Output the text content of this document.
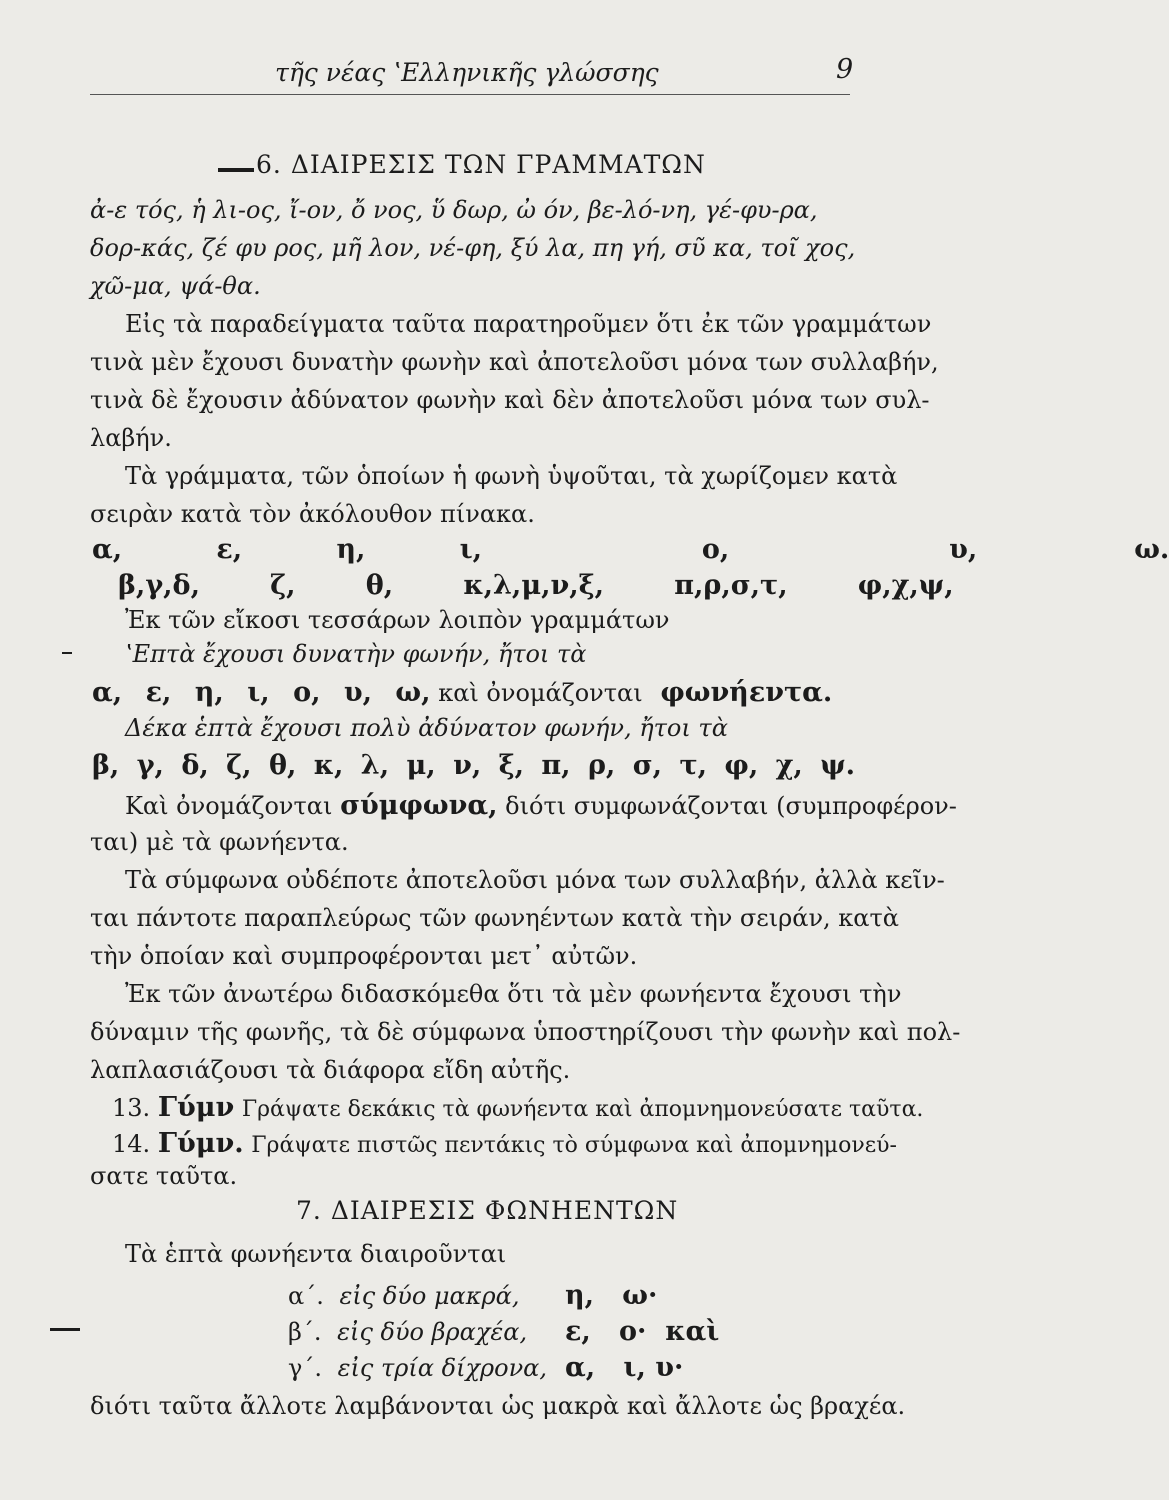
τῆς νέας ʽΕλληνικῆς γλώσσης	9
6. ΔΙΑΙΡΕΣΙΣ ΤΩΝ ΓΡΑΜΜΑΤΩΝ
ἀ-ε τός, ἡ λι-ος, ἴ-ον, ὄ νος, ὕ δωρ, ὠ όν, βε-λό-νη, γέ-φυ-ρα,
δορ-κάς, ζέ φυ ρος, μῆ λον, νέ-φη, ξύ λα, πη γή, σῦ κα, τοῖ χος,
χῶ-μα, ψά-θα.
Εἰς τὰ παραδείγματα ταῦτα παρατηροῦμεν ὅτι ἐκ τῶν γραμμάτων
τινὰ μὲν ἔχουσι δυνατὴν φωνὴν καὶ ἀποτελοῦσι μόνα των συλλαβήν,
τινὰ δὲ ἔχουσιν ἀδύνατον φωνὴν καὶ δὲν ἀποτελοῦσι μόνα των συλ-
λαβήν.
Τὰ γράμματα, τῶν ὁποίων ἡ φωνὴ ὑψοῦται, τὰ χωρίζομεν κατὰ
σειρὰν κατὰ τὸν ἀκόλουθον πίνακα.
α,   ε,   η,   ι,       ο,       υ,     ω.
β,γ,δ,   ζ,   θ,   κ,λ,μ,ν,ξ,   π,ρ,σ,τ,   φ,χ,ψ,
Ἐκ τῶν εἴκοσι τεσσάρων λοιπὸν γραμμάτων
ʽΕπτὰ ἔχουσι δυνατὴν φωνήν, ἤτοι τὰ
α, ε, η, ι, ο, υ, ω, καὶ ὀνομάζονται φωνήεντα.
Δέκα ἑπτὰ ἔχουσι πολὺ ἀδύνατον φωνήν, ἤτοι τὰ
β, γ, δ, ζ, θ, κ, λ, μ, ν, ξ, π, ρ, σ, τ, φ, χ, ψ.
Καὶ ὀνομάζονται σύμφωνα, διότι συμφωνάζονται (συμπροφέρον-
ται) μὲ τὰ φωνήεντα.
Τὰ σύμφωνα οὐδέποτε ἀποτελοῦσι μόνα των συλλαβήν, ἀλλὰ κεῖν-
ται πάντοτε παραπλεύρως τῶν φωνηέντων κατὰ τὴν σειράν, κατὰ
τὴν ὁποίαν καὶ συμπροφέρονται μετ᾽ αὐτῶν.
Ἐκ τῶν ἀνωτέρω διδασκόμεθα ὅτι τὰ μὲν φωνήεντα ἔχουσι τὴν
δύναμιν τῆς φωνῆς, τὰ δὲ σύμφωνα ὑποστηρίζουσι τὴν φωνὴν καὶ πολ-
λαπλασιάζουσι τὰ διάφορα εἴδη αὐτῆς.
13. Γύμν Γράψατε δεκάκις τὰ φωνήεντα καὶ ἀπομνημονεύσατε ταῦτα.
14. Γύμν. Γράψατε πιστῶς πεντάκις τὸ σύμφωνα καὶ ἀπομνημονεύ-
σατε ταῦτα.
7. ΔΙΑΙΡΕΣΙΣ ΦΩΝΗΕΝΤΩΝ
Τὰ ἑπτὰ φωνήεντα διαιροῦνται
α΄. εἰς δύο μακρά, η,   ω·
β΄. εἰς δύο βραχέα, ε,   ο·  καὶ
γ΄. εἰς τρία δίχρονα, α,   ι, υ·
διότι ταῦτα ἄλλοτε λαμβάνονται ὡς μακρὰ καὶ ἄλλοτε ὡς βραχέα.
